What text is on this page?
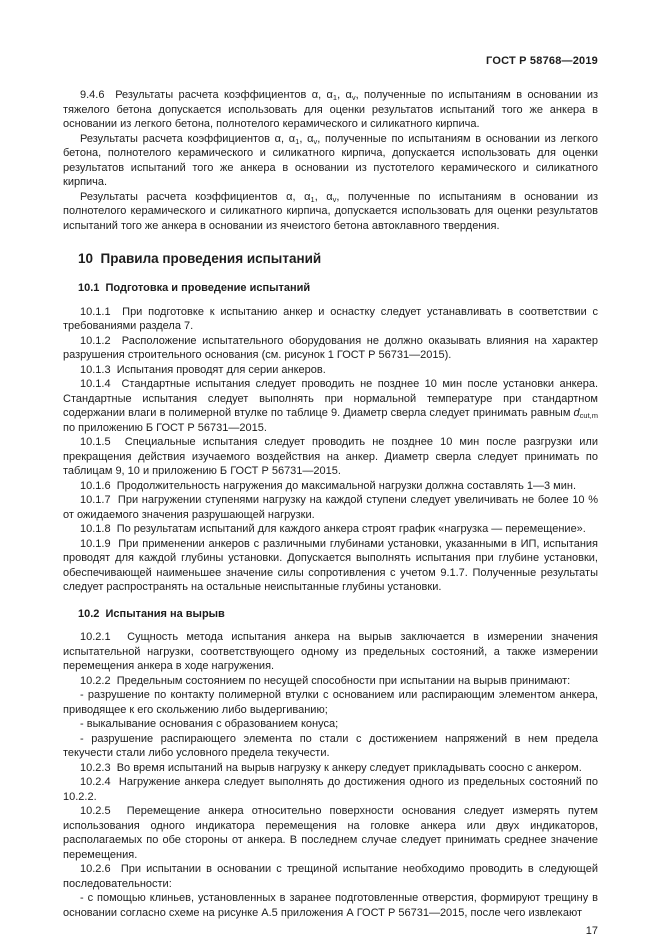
ГОСТ Р 58768—2019
9.4.6  Результаты расчета коэффициентов α, $\alpha_1$, $\alpha_v$, полученные по испытаниям в основании из тяжелого бетона допускается использовать для оценки результатов испытаний того же анкера в основании из легкого бетона, полнотелого керамического и силикатного кирпича.
Результаты расчета коэффициентов α, $\alpha_1$, $\alpha_v$, полученные по испытаниям в основании из легкого бетона, полнотелого керамического и силикатного кирпича, допускается использовать для оценки результатов испытаний того же анкера в основании из пустотелого керамического и силикатного кирпича.
Результаты расчета коэффициентов α, $\alpha_1$, $\alpha_v$, полученные по испытаниям в основании из полнотелого керамического и силикатного кирпича, допускается использовать для оценки результатов испытаний того же анкера в основании из ячеистого бетона автоклавного твердения.
10  Правила проведения испытаний
10.1  Подготовка и проведение испытаний
10.1.1  При подготовке к испытанию анкер и оснастку следует устанавливать в соответствии с требованиями раздела 7.
10.1.2  Расположение испытательного оборудования не должно оказывать влияния на характер разрушения строительного основания (см. рисунок 1 ГОСТ Р 56731—2015).
10.1.3  Испытания проводят для серии анкеров.
10.1.4  Стандартные испытания следует проводить не позднее 10 мин после установки анкера. Стандартные испытания следует выполнять при нормальной температуре при стандартном содержании влаги в полимерной втулке по таблице 9. Диаметр сверла следует принимать равным $d_{cut,m}$ по приложению Б ГОСТ Р 56731—2015.
10.1.5  Специальные испытания следует проводить не позднее 10 мин после разгрузки или прекращения действия изучаемого воздействия на анкер. Диаметр сверла следует принимать по таблицам 9, 10 и приложению Б ГОСТ Р 56731—2015.
10.1.6  Продолжительность нагружения до максимальной нагрузки должна составлять 1—3 мин.
10.1.7  При нагружении ступенями нагрузку на каждой ступени следует увеличивать не более 10 % от ожидаемого значения разрушающей нагрузки.
10.1.8  По результатам испытаний для каждого анкера строят график «нагрузка — перемещение».
10.1.9  При применении анкеров с различными глубинами установки, указанными в ИП, испытания проводят для каждой глубины установки. Допускается выполнять испытания при глубине установки, обеспечивающей наименьшее значение силы сопротивления с учетом 9.1.7. Полученные результаты следует распространять на остальные неиспытанные глубины установки.
10.2  Испытания на вырыв
10.2.1  Сущность метода испытания анкера на вырыв заключается в измерении значения испытательной нагрузки, соответствующего одному из предельных состояний, а также измерении перемещения анкера в ходе нагружения.
10.2.2  Предельным состоянием по несущей способности при испытании на вырыв принимают:
- разрушение по контакту полимерной втулки с основанием или распирающим элементом анкера, приводящее к его скольжению либо выдергиванию;
- выкалывание основания с образованием конуса;
- разрушение распирающего элемента по стали с достижением напряжений в нем предела текучести стали либо условного предела текучести.
10.2.3  Во время испытаний на вырыв нагрузку к анкеру следует прикладывать соосно с анкером.
10.2.4  Нагружение анкера следует выполнять до достижения одного из предельных состояний по 10.2.2.
10.2.5  Перемещение анкера относительно поверхности основания следует измерять путем использования одного индикатора перемещения на головке анкера или двух индикаторов, располагаемых по обе стороны от анкера. В последнем случае следует принимать среднее значение перемещения.
10.2.6  При испытании в основании с трещиной испытание необходимо проводить в следующей последовательности:
- с помощью клиньев, установленных в заранее подготовленные отверстия, формируют трещину в основании согласно схеме на рисунке А.5 приложения А ГОСТ Р 56731—2015, после чего извлекают
17
